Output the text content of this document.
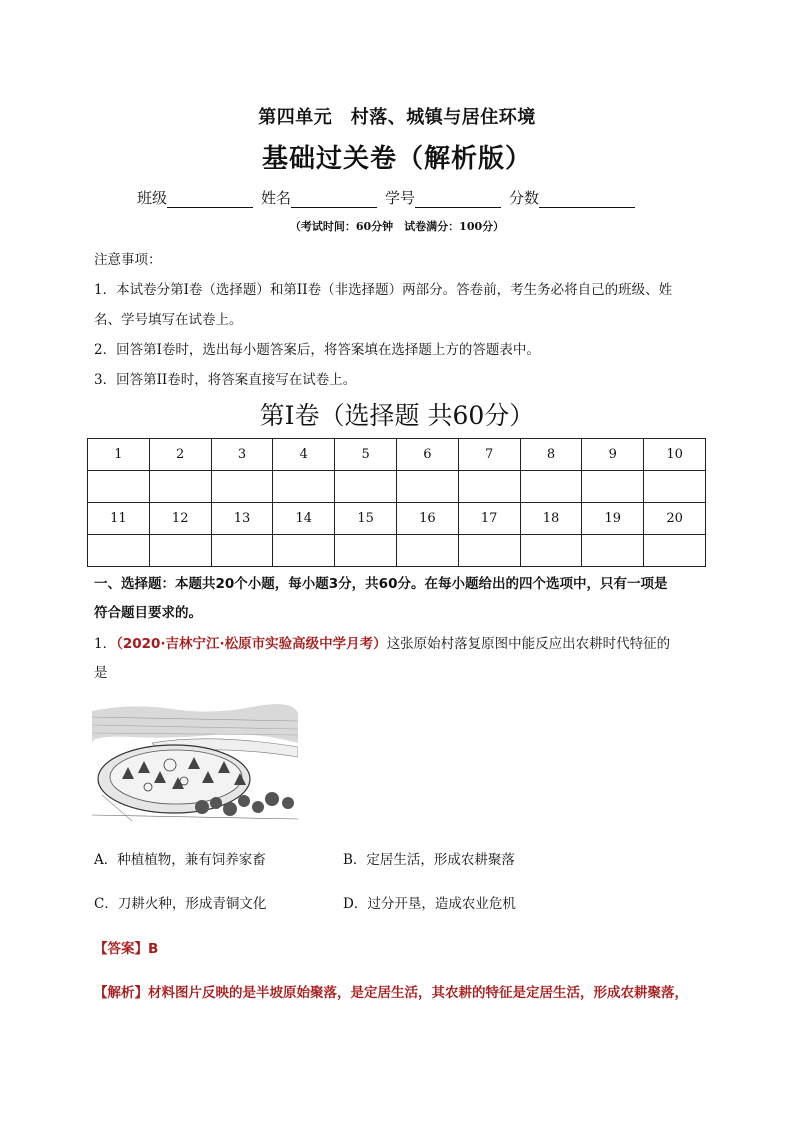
第四单元　村落、城镇与居住环境
基础过关卷（解析版）
班级	姓名	学号	分数
（考试时间：60分钟　试卷满分：100分）

注意事项：

1．本试卷分第I卷（选择题）和第II卷（非选择题）两部分。答卷前，考生务必将自己的班级、姓

名、学号填写在试卷上。

2．回答第I卷时，选出每小题答案后，将答案填在选择题上方的答题表中。

3．回答第II卷时，将答案直接写在试卷上。

第I卷（选择题 共60分）
1	2	3	4	5	6	7	8	9	10

11	12	13	14	15	16	17	18	19	20

一、选择题：本题共20个小题，每小题3分，共60分。在每小题给出的四个选项中，只有一项是

符合题目要求的。

1．（2020·吉林宁江·松原市实验高级中学月考）这张原始村落复原图中能反应出农耕时代特征的

是

A．种植植物，兼有饲养家畜	B．定居生活，形成农耕聚落
C．刀耕火种，形成青铜文化	D．过分开垦，造成农业危机
【答案】B
【解析】材料图片反映的是半坡原始聚落，是定居生活，其农耕的特征是定居生活，形成农耕聚落，
